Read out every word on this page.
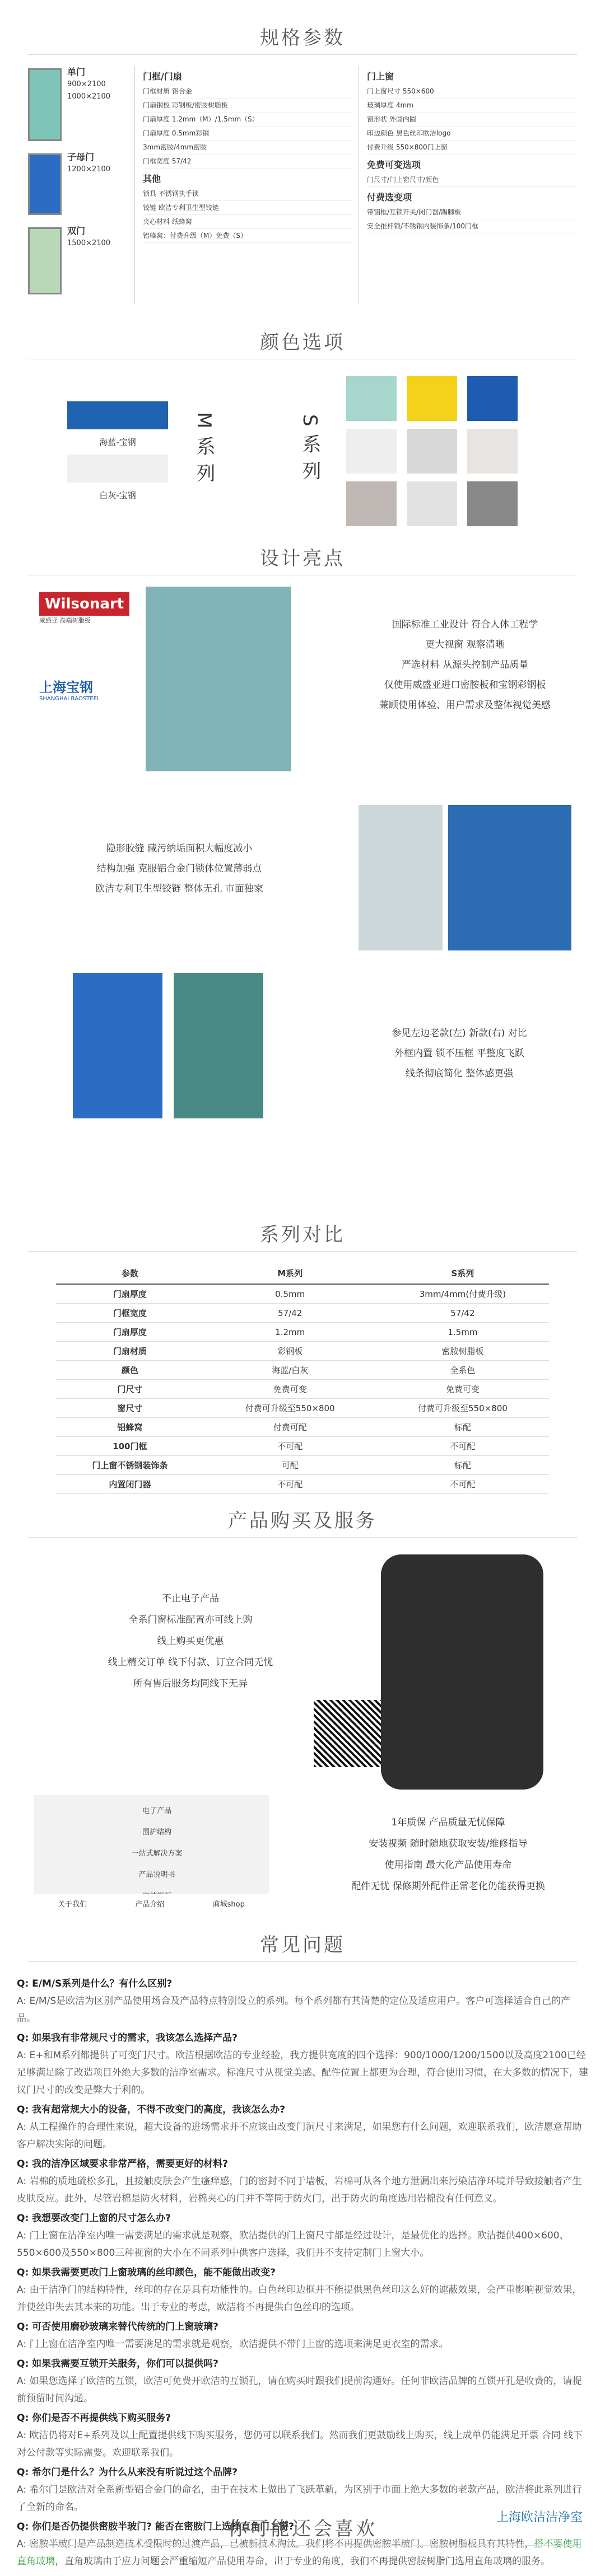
规格参数
单门
900×2100
1000×2100
子母门
1200×2100
双门
1500×2100
门框/门扇
门框材质 铝合金
门扇钢板 彩钢板/密胺树脂板
门扇厚度 1.2mm（M）/1.5mm（S）
门扇厚度 0.5mm彩钢
3mm密胺/4mm密胺
门框宽度 57/42
其他
锁具 不锈钢执手锁
铰链 欧洁专利卫生型铰链
夹心材料 纸蜂窝
铝峰窝：付费升级（M）免费（S）
门上窗
门上窗尺寸 550×600
玻璃厚度 4mm
窗形状 外圆内圆
印边颜色 黑色丝印欧洁logo
付费升级 550×800门上窗
免费可变选项
门尺寸/门上窗尺寸/颜色
付费选变项
带铝框/互锁开关/闭门器/踢脚板
安全推杆锁/不锈钢内装饰条/100门框
颜色选项
海蓝-宝钢
白灰-宝钢
M系列	S系列
设计亮点
Wilsonart
威盛亚 高端树脂板
上海宝钢
SHANGHAI BAOSTEEL
国际标准工业设计 符合人体工程学
更大视窗 观察清晰
严选材料 从源头控制产品质量
仅使用威盛亚进口密胺板和宝钢彩钢板
兼顾使用体验、用户需求及整体视觉美感
隐形胶缝 藏污纳垢面积大幅度减小
结构加强 克服铝合金门锁体位置薄弱点
欧洁专利卫生型铰链 整体无孔 市面独家
参见左边老款(左) 新款(右) 对比
外框内置 锁不压框 平整度飞跃
线条彻底简化 整体感更强
系列对比
参数	M系列	S系列
门扇厚度	0.5mm	3mm/4mm(付费升级)
门框宽度	57/42	57/42
门扇厚度	1.2mm	1.5mm
门扇材质	彩钢板	密胺树脂板
颜色	海蓝/白灰	全系色
门尺寸	免费可变	免费可变
窗尺寸	付费可升级至550×800	付费可升级至550×800
铝蜂窝	付费可配	标配
100门框	不可配	不可配
门上窗不锈钢装饰条	可配	标配
内置闭门器	不可配	不可配
产品购买及服务
不止电子产品
全系门窗标准配置亦可线上购
线上购买更优惠
线上精交订单 线下付款、订立合同无忧
所有售后服务均同线下无异
电子产品
围护结构
一站式解决方案
产品说明书
关于我们	产品介绍	商城shop
1年质保 产品质量无忧保障
安装视频 随时随地获取安装/维修指导
使用指南 最大化产品使用寿命
配件无忧 保修期外配件正常老化仍能获得更换
常见问题
Q: E/M/S系列是什么？有什么区别?
A: E/M/S是欧洁为区别产品使用场合及产品特点特别设立的系列。每个系列都有其清楚的定位及适应用户。客户可选择适合自己的产品。
Q: 如果我有非常规尺寸的需求，我该怎么选择产品?
A: E+和M系列都提供了可变门尺寸。欧洁根据欧洁的专业经验，我方提供宽度的四个选择：900/1000/1200/1500以及高度2100已经足够满足除了改造项目外绝大多数的洁净室需求。标准尺寸从视觉美感、配件位置上都更为合理，符合使用习惯，在大多数的情况下，建议门尺寸的改变是弊大于利的。
Q: 我有超常规大小的设备，不得不改变门的高度，我该怎么办?
A: 从工程操作的合理性来说，超大设备的进场需求并不应该由改变门洞尺寸来满足，如果您有什么问题，欢迎联系我们，欧洁愿意帮助客户解决实际的问题。
Q: 我的洁净区域要求非常严格，需要更好的材料?
A: 岩棉的质地硫松多孔，且接触皮肤会产生瘙痒感，门的密封不同于墙板，岩棉可从各个地方泄漏出来污染洁净环境并导致接触者产生皮肤反应。此外，尽管岩棉是防火材料，岩棉夹心的门并不等同于防火门，出于防火的角度选用岩棉没有任何意义。
Q: 我想要改变门上窗的尺寸怎么办?
A: 门上窗在洁净室内唯一需要满足的需求就是观察，欧洁提供的门上窗尺寸都是经过设计，是最优化的选择。欧洁提供400×600、550×600及550×800三种视窗的大小在不同系列中供客户选择，我们并不支持定制门上窗大小。
Q: 如果我需要更改门上窗玻璃的丝印颜色，能不能做出改变?
A: 由于洁净门的结构特性，丝印的存在是具有功能性的。白色丝印边框并不能提供黑色丝印这么好的遮蔽效果，会严重影响视觉效果，并使丝印失去其本来的功能。出于专业的考虑，欧洁将不再提供白色丝印的选项。
Q: 可否使用磨砂玻璃来替代传统的门上窗玻璃?
A: 门上窗在洁净室内唯一需要满足的需求就是观察，欧洁提供不带门上窗的选项来满足更衣室的需求。
Q: 如果我需要互锁开关服务，你们可以提供吗?
A: 如果您选择了欧洁的互锁，欧洁可免费开欧洁的互锁孔，请在购买时跟我们提前沟通好。任何非欧洁品牌的互锁开孔是收费的，请提前预留时间沟通。
Q: 你们是否不再提供线下购买服务?
A: 欧洁仍将对E+系列及以上配置提供线下购买服务，您仍可以联系我们。然而我们更鼓励线上购买，线上成单仍能满足开票 合同 线下对公付款等实际需要。欢迎联系我们。
Q: 希尔门是什么？为什么从来没有听说过这个品牌?
A: 希尔门是欧洁对全系新型铝合金门的命名，由于在技术上做出了飞跃革新，为区别于市面上绝大多数的老款产品，欧洁将此系列进行了全新的命名。
Q: 你们是否仍提供密胺半玻门? 能否在密胺门上选择直角门上窗?
A: 密胺半玻门是产品制造技术受限时的过渡产品，已被新技术淘汰。我们将不再提供密胺半玻门。密胺树脂板具有其特性，搭不要使用直角玻璃，直角玻璃由于应力问题会严重缩短产品使用寿命，出于专业的角度，我们不再提供密胺树脂门选用直角玻璃的服务。
你可能还会喜欢
上海欧洁洁净室
